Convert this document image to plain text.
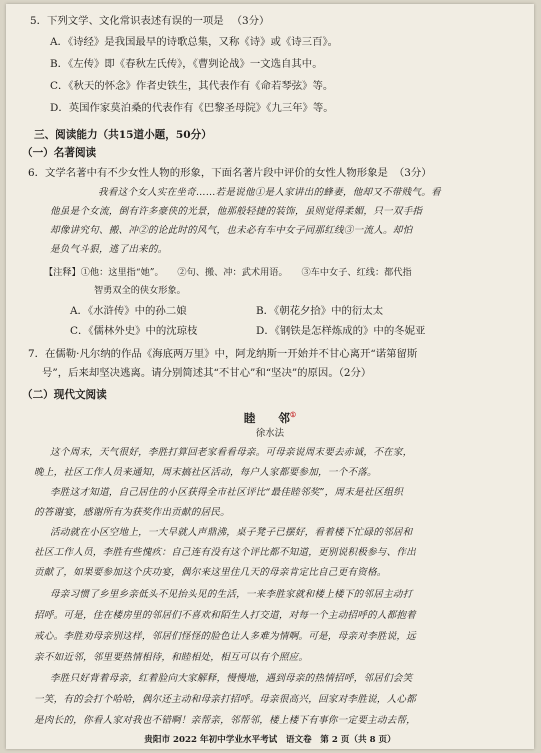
5．下列文学、文化常识表述有误的一项是 （3分）
A．《诗经》是我国最早的诗歌总集，又称《诗》或《诗三百》。
B．《左传》即《春秋左氏传》，《曹刿论战》一文选自其中。
C．《秋天的怀念》作者史铁生，其代表作有《命若琴弦》等。
D．英国作家莫泊桑的代表作有《巴黎圣母院》《九三年》等。
三、阅读能力（共15道小题，50分）
（一）名著阅读
6．文学名著中有不少女性人物的形象，下面名著片段中评价的女性人物形象是 （3分）
我看这个女人实在坐奇……若是说他①是人家讲出的蜂妻，他却又不带贱气。看
他虽是个女流，倒有许多豪侠的光景，他那般轻捷的装饰，虽则觉得柔媚，只一双手指
却像讲究句、搬、冲②的论此时的风气，也未必有车中女子同那红线③一流人。却怕
是负气斗狠，逃了出来的。
【注释】①他：这里指“她”。　　②句、搬、冲：武术用语。　　③车中女子、红线：都代指
智勇双全的侠女形象。
A．《水浒传》中的孙二娘	B．《朝花夕拾》中的衍太太
C．《儒林外史》中的沈琼枝	D．《钢铁是怎样炼成的》中的冬妮亚
7．在儒勒·凡尔纳的作品《海底两万里》中，阿龙纳斯一开始并不甘心离开“诺第留斯
号”，后来却坚决逃离。请分别简述其“不甘心”和“坚决”的原因。（2分）
（二）现代文阅读
睦　　邻①
徐水法
这个周末，天气很好，李胜打算回老家看看母亲。可母亲说周末要去赤诚，不在家，
晚上，社区工作人员来通知，周末搞社区活动，每户人家都要参加，一个不落。
李胜这才知道，自己居住的小区获得全市社区评比“最佳睦邻奖”，周末是社区组织
的答谢宴，感谢所有为获奖作出贡献的居民。
活动就在小区空地上，一大早就人声鼎沸，桌子凳子已摆好，看着楼下忙碌的邻居和
社区工作人员，李胜有些愧疚：自己连有没有这个评比都不知道，更别说积极参与、作出
贡献了，如果要参加这个庆功宴，偶尔来这里住几天的母亲肯定比自己更有资格。
母亲习惯了乡里乡亲低头不见抬头见的生活，一来李胜家就和楼上楼下的邻居主动打
招呼。可是，住在楼房里的邻居们不喜欢和陌生人打交道，对每一个主动招呼的人都抱着
戒心。李胜劝母亲别这样，邻居们怪怪的脸色让人多难为情啊。可是，母亲对李胜说，远
亲不如近邻，邻里要热情相待，和睦相处，相互可以有个照应。
李胜只好背着母亲，红着脸向大家解释，慢慢地，遇到母亲的热情招呼，邻居们会笑
一笑，有的会打个哈哈，偶尔还主动和母亲打招呼。母亲很高兴，回家对李胜说，人心都
是肉长的，你看人家对我也不错啊！亲帮亲，邻帮邻，楼上楼下有事你一定要主动去帮，
贵阳市 2022 年初中学业水平考试　语文卷　第 2 页（共 8 页）
